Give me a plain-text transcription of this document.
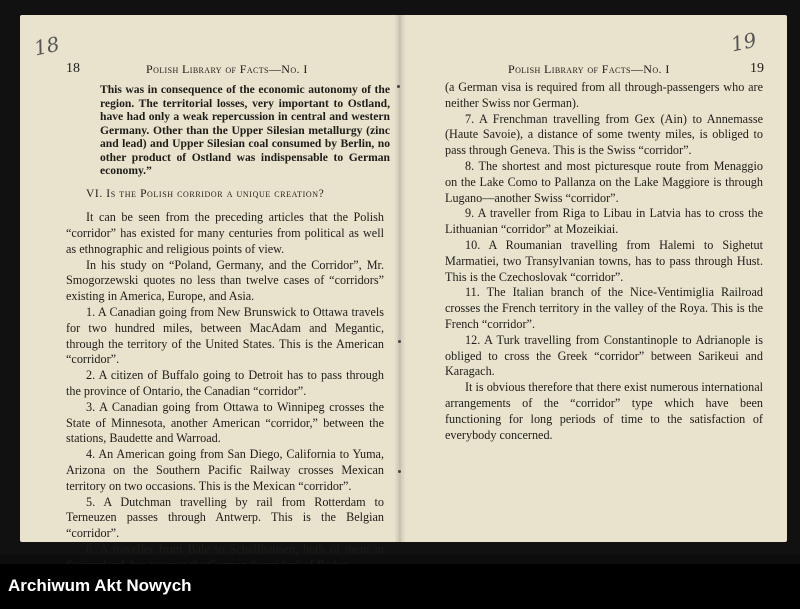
18
18	Polish Library of Facts—No. I

This was in consequence of the economic autonomy of the region. The territorial losses, very important to Ostland, have had only a weak repercussion in central and western Germany. Other than the Upper Silesian metallurgy (zinc and lead) and Upper Silesian coal consumed by Berlin, no other product of Ostland was indispensable to German economy.”

VI. Is the Polish corridor a unique creation?

It can be seen from the preceding articles that the Polish “corridor” has existed for many centuries from political as well as ethnographic and religious points of view.

In his study on “Poland, Germany, and the Corridor”, Mr. Smogorzewski quotes no less than twelve cases of “corridors” existing in America, Europe, and Asia.

1. A Canadian going from New Brunswick to Ottawa travels for two hundred miles, between MacAdam and Megantic, through the territory of the United States. This is the American “corridor”.

2. A citizen of Buffalo going to Detroit has to pass through the province of Ontario, the Canadian “corridor”.

3. A Canadian going from Ottawa to Winnipeg crosses the State of Minnesota, another American “corridor,” between the stations, Baudette and Warroad.

4. An American going from San Diego, California to Yuma, Arizona on the Southern Pacific Railway crosses Mexican territory on two occasions. This is the Mexican “corridor”.

5. A Dutchman travelling by rail from Rotterdam to Terneuzen passes through Antwerp. This is the Belgian “corridor”.

6. A traveller from Bale to Schaffhausen, both of them in

Polish Library of Facts—No. I	19
19

(a German visa is required from all through-passengers who are neither Swiss nor German).

7. A Frenchman travelling from Gex (Ain) to Annemasse (Haute Savoie), a distance of some twenty miles, is obliged to pass through Geneva. This is the Swiss “corridor”.

8. The shortest and most picturesque route from Menaggio on the Lake Como to Pallanza on the Lake Maggiore is through Lugano—another Swiss “corridor”.

9. A traveller from Riga to Libau in Latvia has to cross the Lithuanian “corridor” at Mozeikiai.

10. A Roumanian travelling from Halemi to Sighetut Marmatiei, two Transylvanian towns, has to pass through Hust. This is the Czechoslovak “corridor”.

11. The Italian branch of the Nice-Ventimiglia Railroad crosses the French territory in the valley of the Roya. This is the French “corridor”.

12. A Turk travelling from Constantinople to Adrianople is obliged to cross the Greek “corridor” between Sarikeui and Karagach.

It is obvious therefore that there exist numerous international arrangements of the “corridor” type which have been functioning for long periods of time to the satisfaction of everybody concerned.

Archiwum Akt Nowych
